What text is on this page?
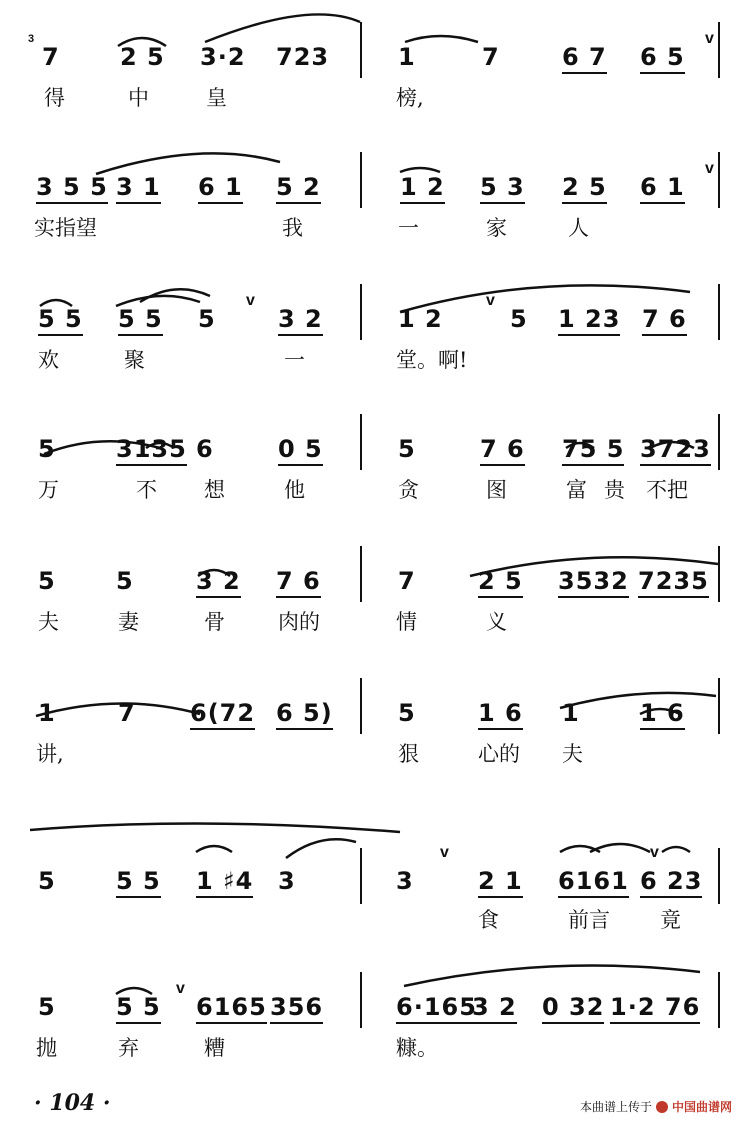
3	v
7	2 5 3·2 723	1	7	6 7 6 5
得	中	皇	榜,
v
3 5 5 3 1 6 1 5 2	1 2 5 3 2 5 6 1
实指望	我	一	家	人
v	v
5 5 5 5 5	3 2	1 2	5 1 23 7 6
欢	聚	一	堂。啊!
5	3135 6	0 5	5	7 6 75 5 3723
万	不 想	他	贪	图	富 贵 不把
5	5	3 2 7 6	7	2 5 3532 7235
夫	妻	骨	肉的	情	义
1	7 6(72 6 5)	5	1 6 1	1 6
讲,	狠	心的 夫
v	v
5	5 5 1 ♯4 3	3	2 1 6161 6 23
食	前言 竟
v
5	5 5 6165 356	6·165
3 2 0 32 1·2 76
抛	弃	糟	糠。
· 104 ·	本曲谱上传于 中国曲谱网
